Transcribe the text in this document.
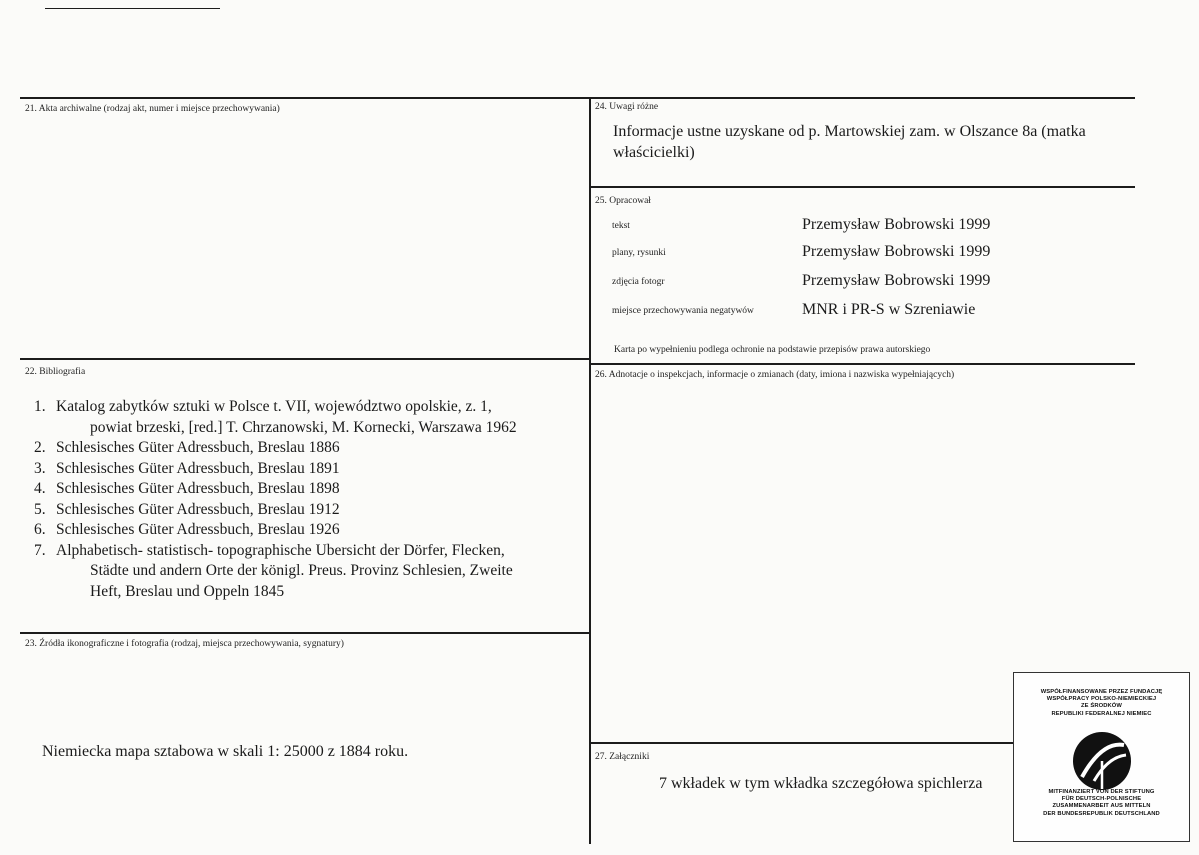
21. Akta archiwalne (rodzaj akt, numer i miejsce przechowywania)
22. Bibliografia
1. Katalog zabytków sztuki w Polsce t. VII, województwo opolskie, z. 1,
powiat brzeski, [red.] T. Chrzanowski, M. Kornecki, Warszawa 1962
2. Schlesisches Güter Adressbuch, Breslau 1886
3. Schlesisches Güter Adressbuch, Breslau 1891
4. Schlesisches Güter Adressbuch, Breslau 1898
5. Schlesisches Güter Adressbuch, Breslau 1912
6. Schlesisches Güter Adressbuch, Breslau 1926
7. Alphabetisch- statistisch- topographische Ubersicht der Dörfer, Flecken,
Städte und andern Orte der königl. Preus. Provinz Schlesien, Zweite
Heft, Breslau und Oppeln 1845
23. Źródła ikonograficzne i fotografia (rodzaj, miejsca przechowywania, sygnatury)
Niemiecka mapa sztabowa w skali 1: 25000 z 1884 roku.
24. Uwagi różne
Informacje ustne uzyskane od p. Martowskiej zam. w Olszance 8a (matka
właścicielki)
25. Opracował
tekst	Przemysław Bobrowski 1999
plany, rysunki	Przemysław Bobrowski 1999
zdjęcia fotogr	Przemysław Bobrowski 1999
miejsce przechowywania negatywów	MNR i PR-S w Szreniawie
Karta po wypełnieniu podlega ochronie na podstawie przepisów prawa autorskiego
26. Adnotacje o inspekcjach, informacje o zmianach (daty, imiona i nazwiska wypełniających)
27. Załączniki
7 wkładek w tym wkładka szczegółowa spichlerza
WSPÓŁFINANSOWANE PRZEZ FUNDACJĘ
WSPÓŁPRACY POLSKO-NIEMIECKIEJ
ZE ŚRODKÓW
REPUBLIKI FEDERALNEJ NIEMIEC
MITFINANZIERT VON DER STIFTUNG
FÜR DEUTSCH-POLNISCHE
ZUSAMMENARBEIT AUS MITTELN
DER BUNDESREPUBLIK DEUTSCHLAND
